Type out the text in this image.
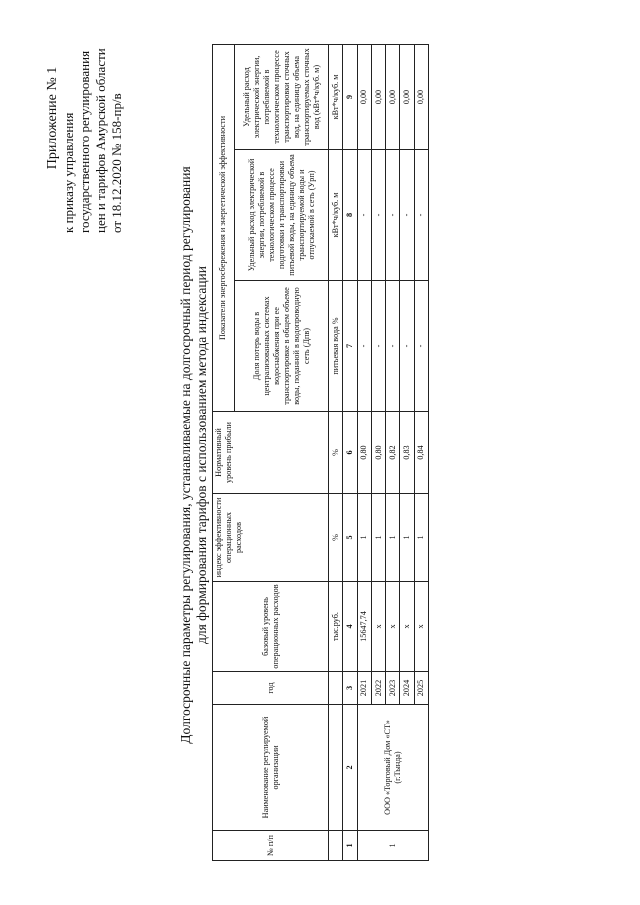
Приложение № 1 к приказу управления государственного регулирования цен и тарифов Амурской области от 18.12.2020 № 158-пр/в
Долгосрочные параметры регулирования, устанавливаемые на долгосрочный период регулирования для формирования тарифов с использованием метода индексации
№ п/п	Наименование регулируемой организации	год	базовый уровень операционных расходов	индекс эффективности операционных расходов	Нормативный уровень прибыли	Показатели энергосбережения и энергетической эффективности		
						Доля потерь воды в централизованных системах водоснабжения при ее транспортировке в общем объеме воды, поданной в водопроводную сеть (Дпв)	Удельный расход электрической энергии, потребляемой в технологическом процессе подготовки и транспортировки питьевой воды, на единицу объема транспортируемой воды и отпускаемой в сеть (Уpп)	Удельный расход электрической энергии, потребляемой в технологическом процессе транспортировки сточных вод, на единицу объема транспортируемых сточных вод (кВт*ч/куб. м)
			тыс.руб.	%	%	питьевая вода %	кВт*ч/куб. м	кВт*ч/куб. м
1	2	3	4	5	6	7	8	9
1	ООО «Торговый Дом «СТ» (г.Тында)	2021	15647,74	1	0,80	-	-	0,00
		2022	x	1	0,80	-	-	0,00
		2023	x	1	0,82	-	-	0,00
		2024	x	1	0,83	-	-	0,00
		2025	x	1	0,84	-	-	0,00
